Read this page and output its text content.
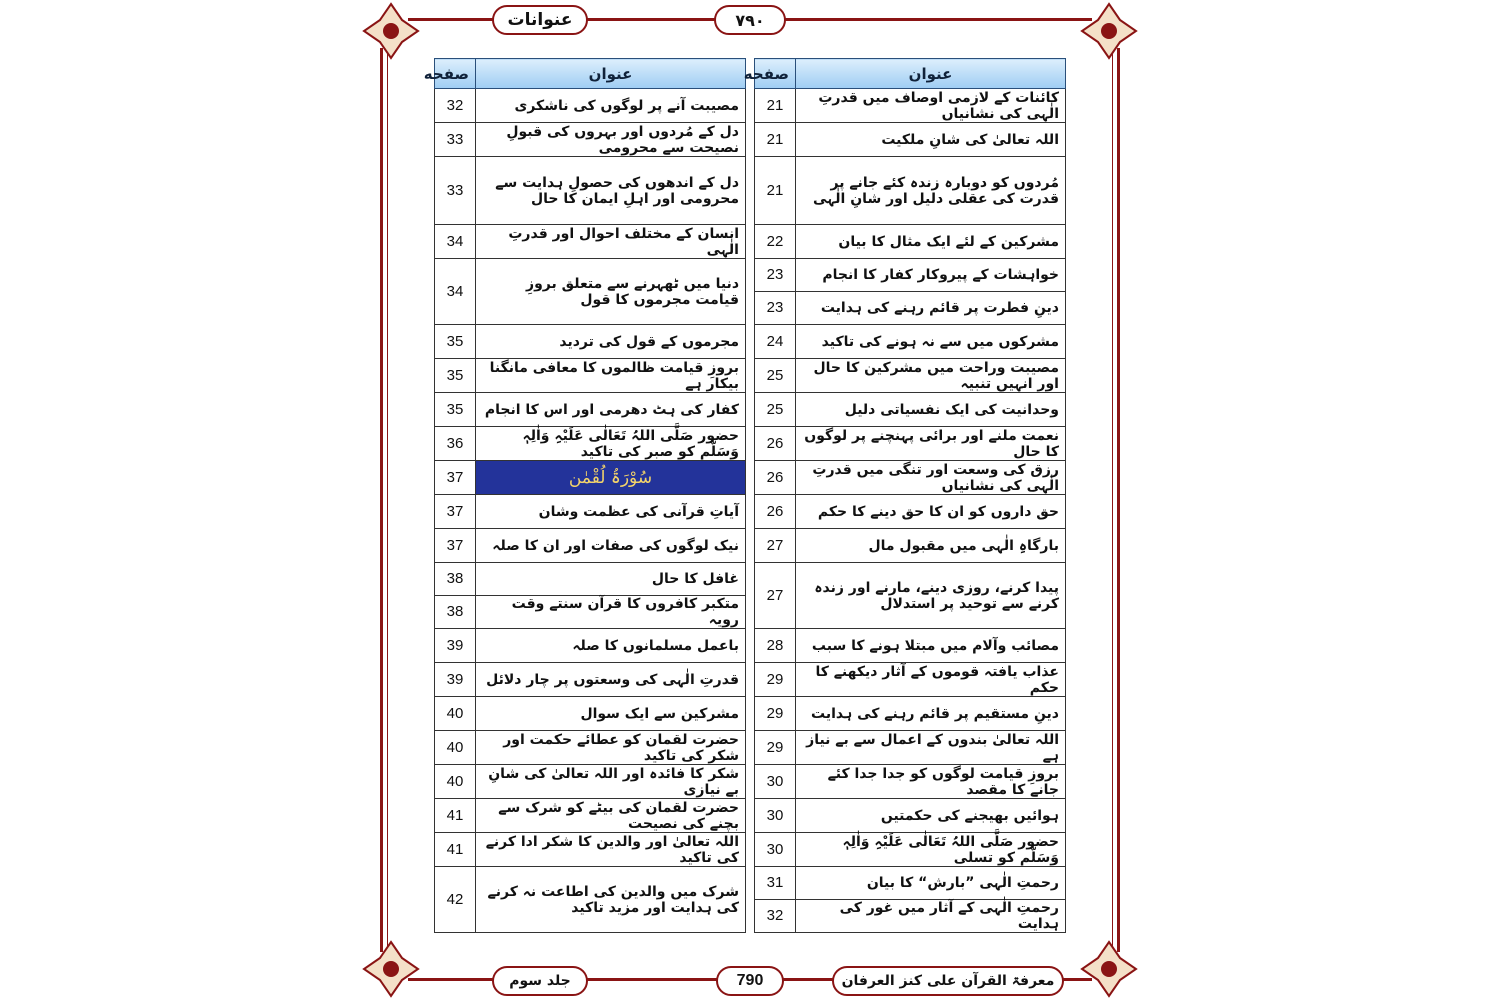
عنوانات	۷۹۰
عنوان	صفحه		عنوان	صفحه
کائنات کے لازمی اوصاف میں قدرتِ الٰہی کی نشانیاں	21		مصیبت آنے پر لوگوں کی ناشکری	32
اللہ تعالیٰ کی شانِ ملکیت	21		دل کے مُردوں اور بہروں کی قبولِ نصیحت سے محرومی	33
مُردوں کو دوبارہ زندہ کئے جانے پر قدرت کی عقلی دلیل اور شانِ الٰہی	21		دل کے اندھوں کی حصولِ ہدایت سے محرومی اور اہلِ ایمان کا حال	33
مشرکین کے لئے ایک مثال کا بیان	22		انسان کے مختلف احوال اور قدرتِ الٰہی	34
خواہشات کے پیروکار کفار کا انجام	23		دنیا میں ٹھہرنے سے متعلق بروزِ قیامت مجرموں کا قول	34
دینِ فطرت پر قائم رہنے کی ہدایت	23			
مشرکوں میں سے نہ ہونے کی تاکید	24		مجرموں کے قول کی تردید	35
مصیبت وراحت میں مشرکین کا حال اور انہیں تنبیہ	25		بروزِ قیامت ظالموں کا معافی مانگنا بیکار ہے	35
وحدانیت کی ایک نفسیاتی دلیل	25		کفار کی ہٹ دھرمی اور اس کا انجام	35
نعمت ملنے اور برائی پہنچنے پر لوگوں کا حال	26		حضور صَلَّی اللہُ تَعَالٰی عَلَیْہِ وَاٰلِہٖ وَسَلَّم کو صبر کی تاکید	36
رزق کی وسعت اور تنگی میں قدرتِ الٰہی کی نشانیاں	26		سُوْرَۃُ لُقْمٰن	37
حق داروں کو ان کا حق دینے کا حکم	26		آیاتِ قرآنی کی عظمت وشان	37
بارگاہِ الٰہی میں مقبول مال	27		نیک لوگوں کی صفات اور ان کا صلہ	37
پیدا کرنے، روزی دینے، مارنے اور زندہ کرنے سے توحید پر استدلال	27		غافل کا حال	38
			متکبر کافروں کا قرآن سنتے وقت رویہ	38
مصائب وآلام میں مبتلا ہونے کا سبب	28		باعمل مسلمانوں کا صلہ	39
عذاب یافتہ قوموں کے آثار دیکھنے کا حکم	29		قدرتِ الٰہی کی وسعتوں پر چار دلائل	39
دینِ مستقیم پر قائم رہنے کی ہدایت	29		مشرکین سے ایک سوال	40
اللہ تعالیٰ بندوں کے اعمال سے بے نیاز ہے	29		حضرت لقمان کو عطائے حکمت اور شکر کی تاکید	40
بروزِ قیامت لوگوں کو جدا جدا کئے جانے کا مقصد	30		شکر کا فائدہ اور اللہ تعالیٰ کی شانِ بے نیازی	40
ہوائیں بھیجنے کی حکمتیں	30		حضرت لقمان کی بیٹے کو شرک سے بچنے کی نصیحت	41
حضور صَلَّی اللہُ تَعَالٰی عَلَیْہِ وَاٰلِہٖ وَسَلَّم کو تسلی	30		اللہ تعالیٰ اور والدین کا شکر ادا کرنے کی تاکید	41
رحمتِ الٰہی ”بارش“ کا بیان	31		شرک میں والدین کی اطاعت نہ کرنے کی ہدایت اور مزید تاکید	42
رحمتِ الٰہی کے آثار میں غور کی ہدایت	32			
معرفۃ القرآن علی کنز العرفان
790
جلد سوم
